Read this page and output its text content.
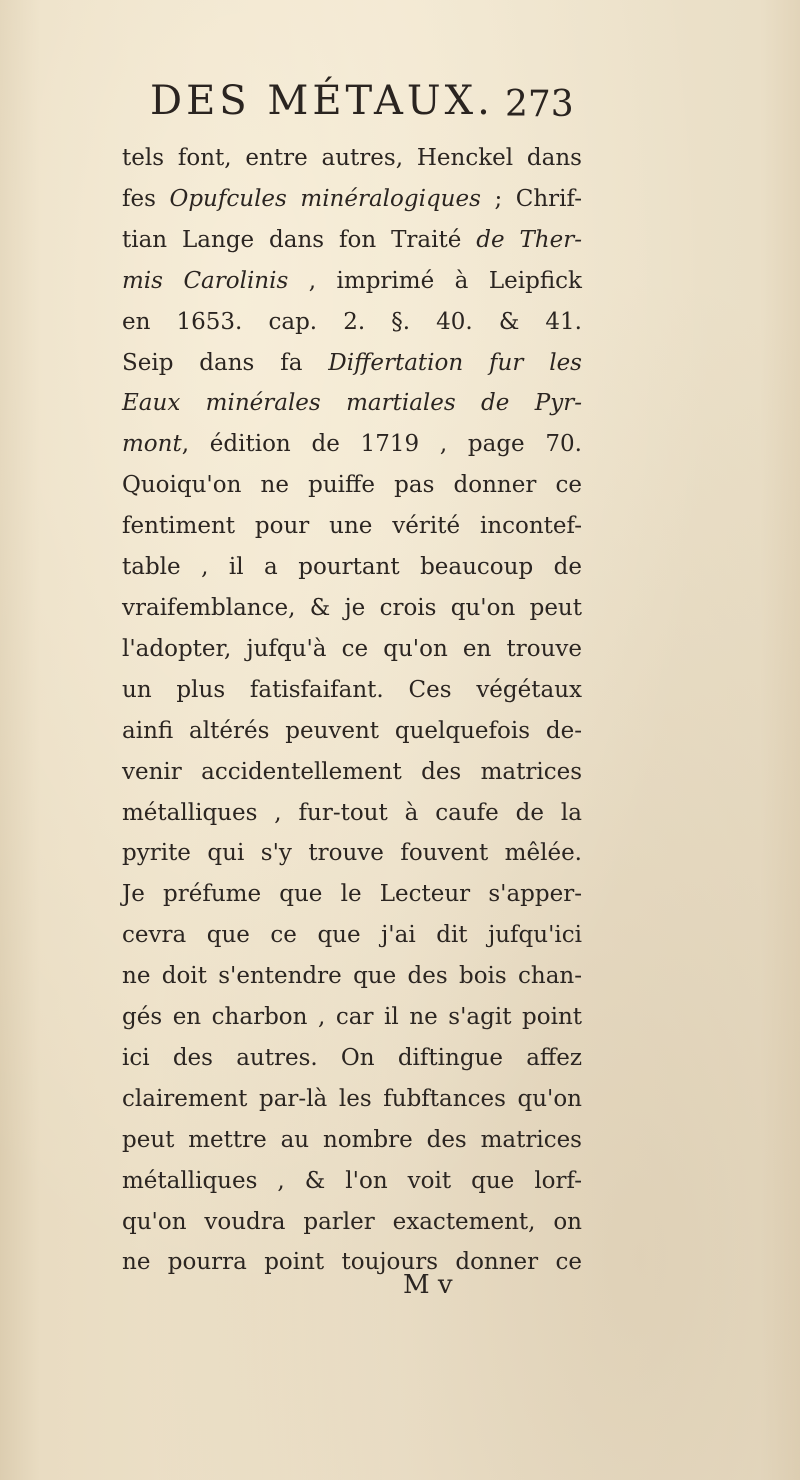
DES MÉTAUX. 273
tels font, entre autres, Henckel dans
fes Opufcules minéralogiques ; Chrif-
tian Lange dans fon Traité de Ther-
mis Carolinis , imprimé à Leipfick
en 1653. cap. 2. §. 40. & 41.
Seip dans fa Differtation fur les
Eaux minérales martiales de Pyr-
mont, édition de 1719 , page 70.
Quoiqu'on ne puiffe pas donner ce
fentiment pour une vérité incontef-
table , il a pourtant beaucoup de
vraifemblance, & je crois qu'on peut
l'adopter, jufqu'à ce qu'on en trouve
un plus fatisfaifant. Ces végétaux
ainfi altérés peuvent quelquefois de-
venir accidentellement des matrices
métalliques , fur-tout à caufe de la
pyrite qui s'y trouve fouvent mêlée.
Je préfume que le Lecteur s'apper-
cevra que ce que j'ai dit jufqu'ici
ne doit s'entendre que des bois chan-
gés en charbon , car il ne s'agit point
ici des autres. On diftingue affez
clairement par-là les fubftances qu'on
peut mettre au nombre des matrices
métalliques , & l'on voit que lorf-
qu'on voudra parler exactement, on
ne pourra point toujours donner ce
M v
